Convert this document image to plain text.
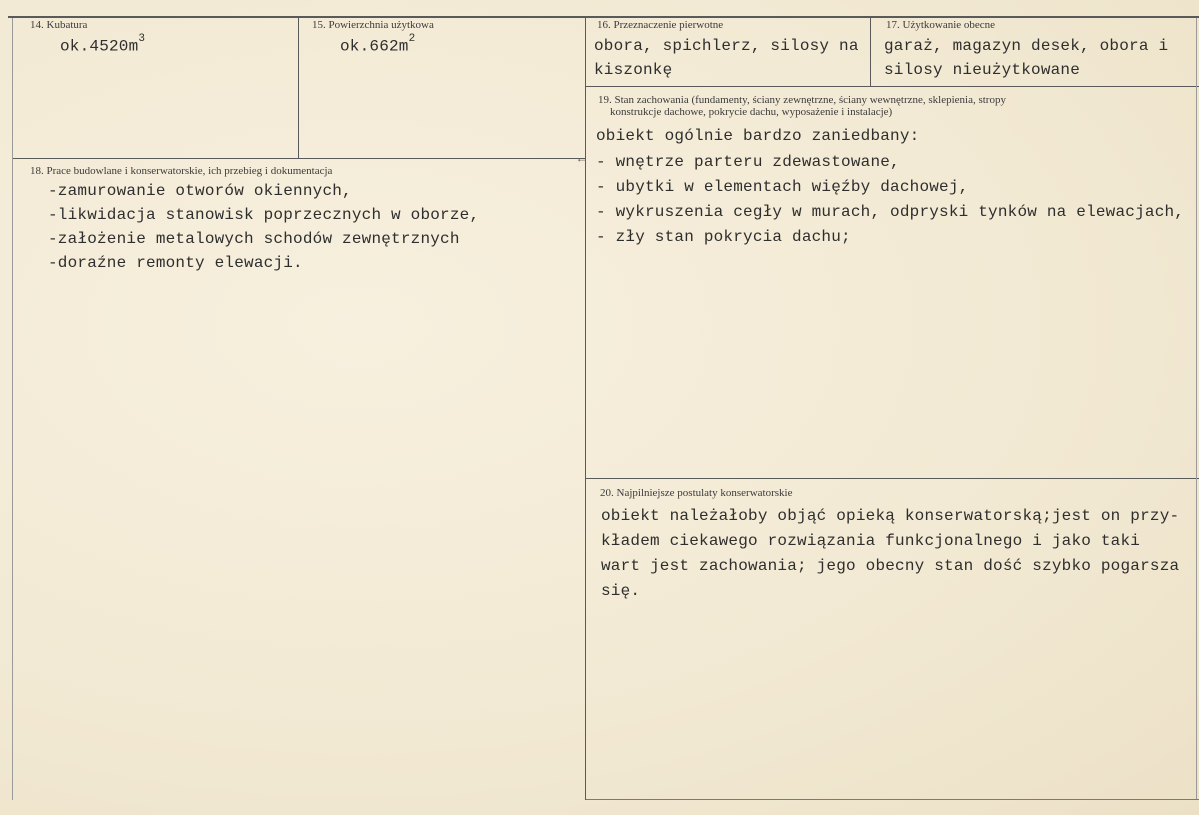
14. Kubatura
$ok.4520m^3$
15. Powierzchnia użytkowa
$ok.662m^2$
16. Przeznaczenie pierwotne
obora, spichlerz, silosy na
kiszonkę
17. Użytkowanie obecne
garaż, magazyn desek, obora i
silosy nieużytkowane
19. Stan zachowania (fundamenty, ściany zewnętrzne, ściany wewnętrzne, sklepienia, stropy
konstrukcje dachowe, pokrycie dachu, wyposażenie i instalacje)
obiekt ogólnie bardzo zaniedbany:
- wnętrze parteru zdewastowane,
- ubytki w elementach więźby dachowej,
- wykruszenia cegły w murach, odpryski tynków na elewacjach,
- zły stan pokrycia dachu;
18. Prace budowlane i konserwatorskie, ich przebieg i dokumentacja
-zamurowanie otworów okiennych,
-likwidacja stanowisk poprzecznych w oborze,
-założenie metalowych schodów zewnętrznych
-doraźne remonty elewacji.
20. Najpilniejsze postulaty konserwatorskie
obiekt należałoby objąć opieką konserwatorską;jest on przy-
kładem ciekawego rozwiązania funkcjonalnego i jako taki
wart jest zachowania; jego obecny stan dość szybko pogarsza
się.
←
